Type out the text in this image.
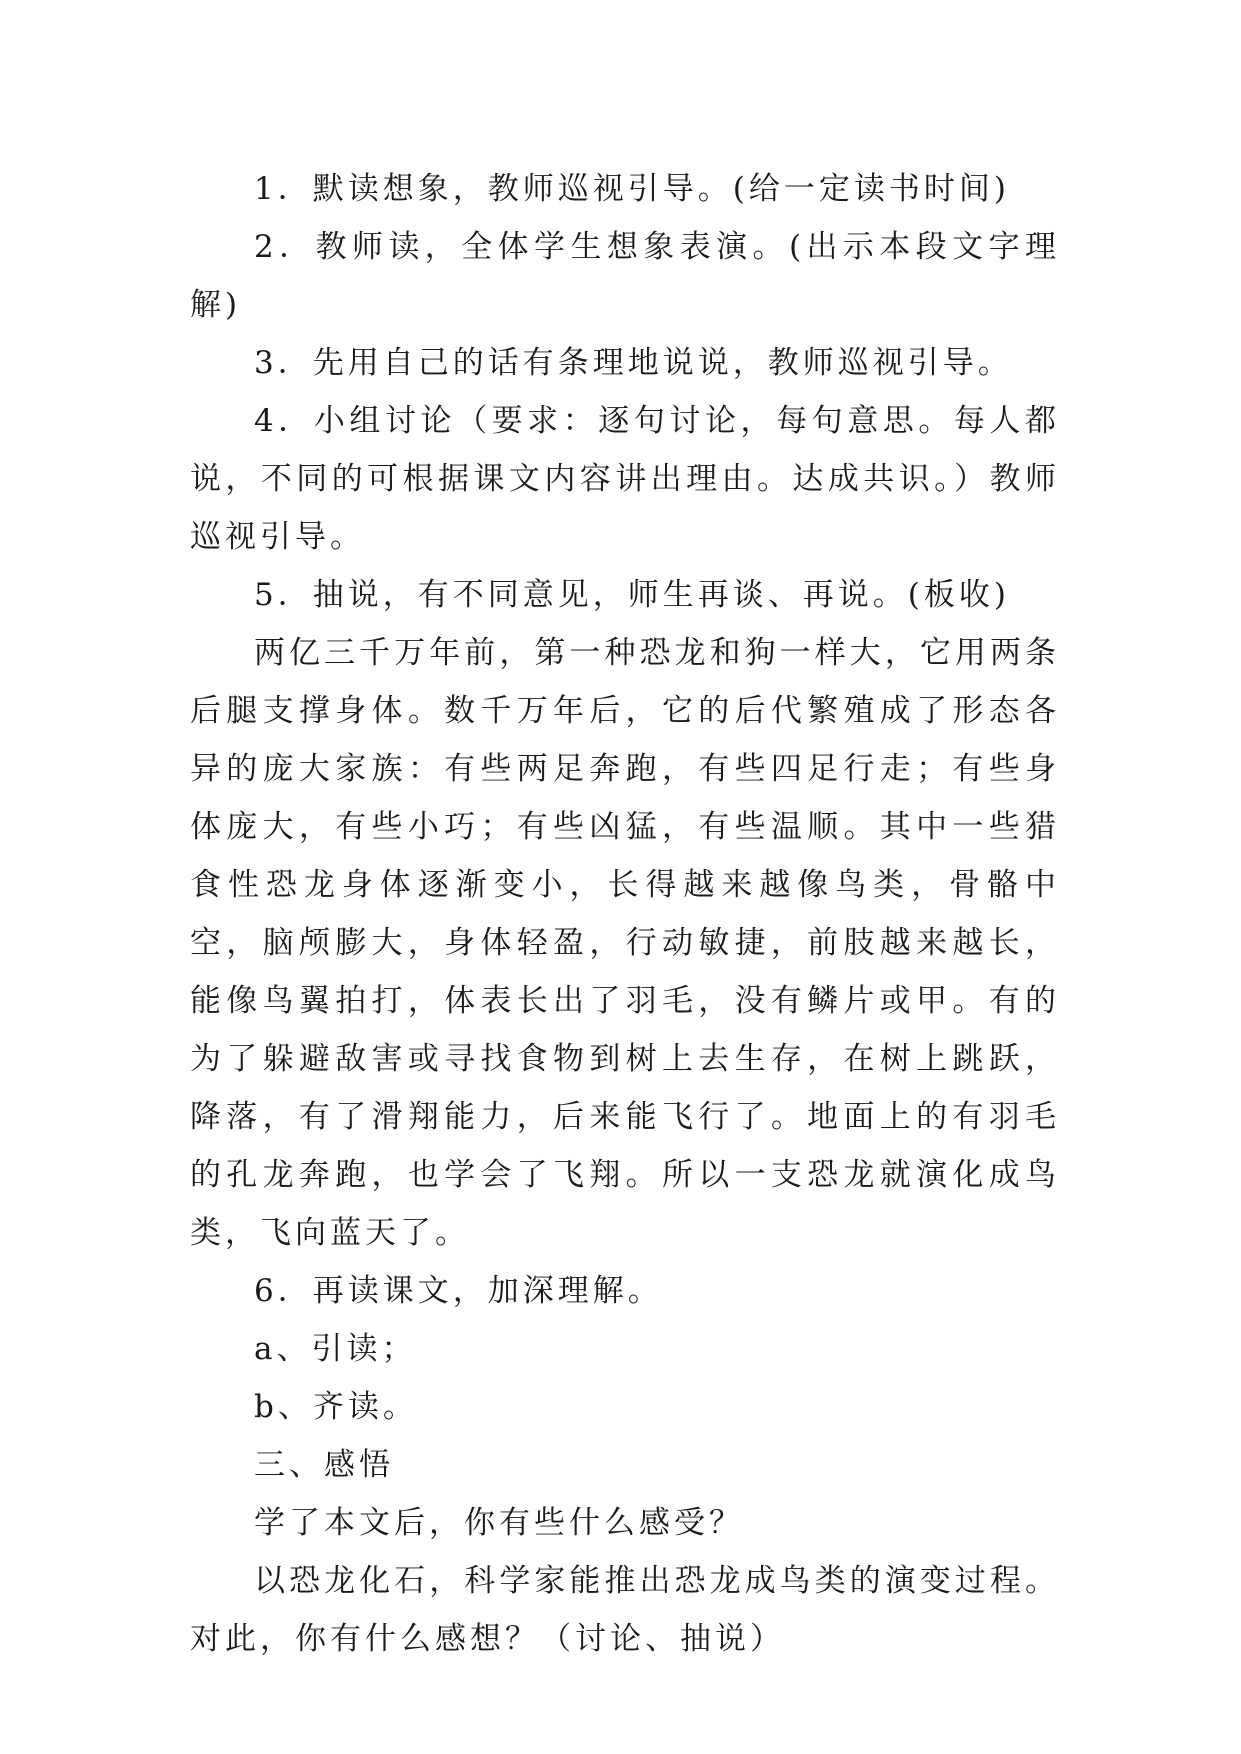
1．默读想象，教师巡视引导。(给一定读书时间)

2．教师读，全体学生想象表演。(出示本段文字理解)

3．先用自己的话有条理地说说，教师巡视引导。

4．小组讨论（要求：逐句讨论，每句意思。每人都说，不同的可根据课文内容讲出理由。达成共识。）教师巡视引导。

5．抽说，有不同意见，师生再谈、再说。(板收)

两亿三千万年前，第一种恐龙和狗一样大，它用两条后腿支撑身体。数千万年后，它的后代繁殖成了形态各异的庞大家族：有些两足奔跑，有些四足行走；有些身体庞大，有些小巧；有些凶猛，有些温顺。其中一些猎食性恐龙身体逐渐变小，长得越来越像鸟类，骨骼中空，脑颅膨大，身体轻盈，行动敏捷，前肢越来越长，能像鸟翼拍打，体表长出了羽毛，没有鳞片或甲。有的为了躲避敌害或寻找食物到树上去生存，在树上跳跃，降落，有了滑翔能力，后来能飞行了。地面上的有羽毛的孔龙奔跑，也学会了飞翔。所以一支恐龙就演化成鸟类，飞向蓝天了。

6．再读课文，加深理解。

a、引读；

b、齐读。

三、感悟

学了本文后，你有些什么感受？

以恐龙化石，科学家能推出恐龙成鸟类的演变过程。对此，你有什么感想？（讨论、抽说）
